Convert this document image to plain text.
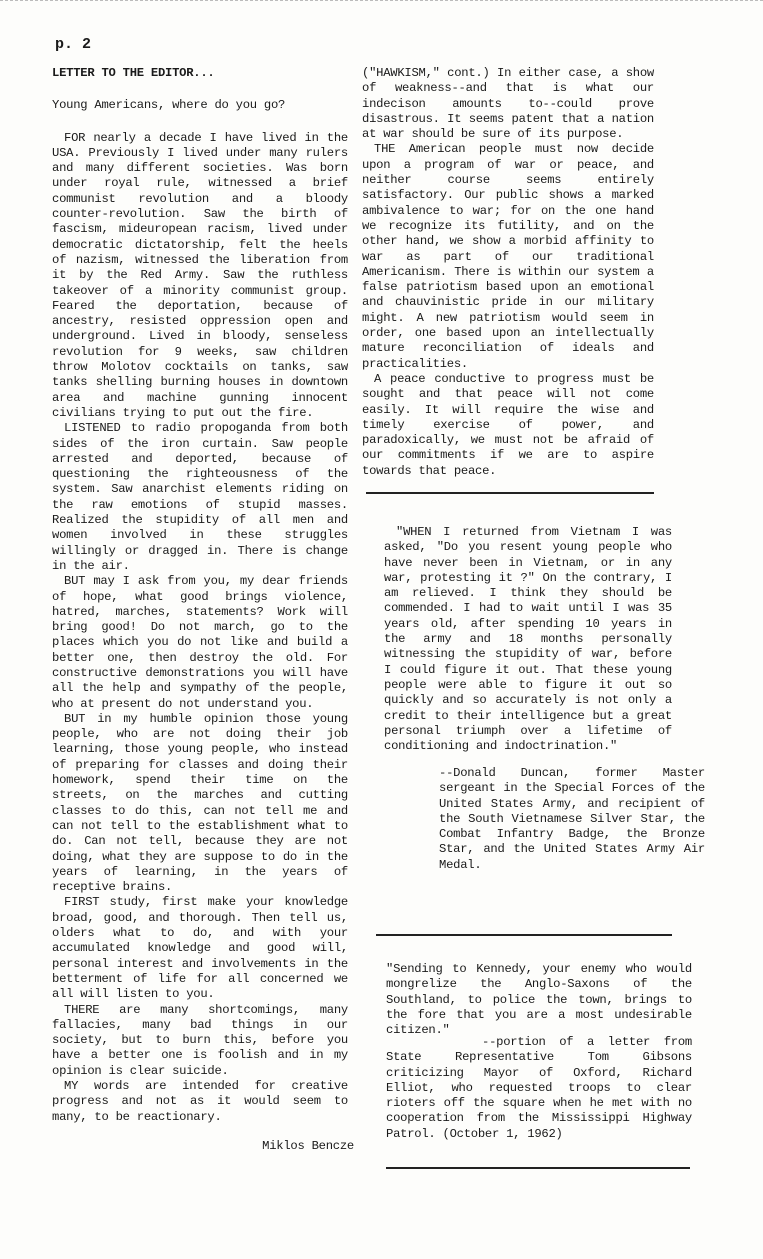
p. 2
LETTER TO THE EDITOR...
Young Americans, where do you go?

FOR nearly a decade I have lived in the USA. Previously I lived under many rulers and many different societies. Was born under royal rule, witnessed a brief communist revolution and a bloody counter-revolution. Saw the birth of fascism, mideuropean racism, lived under democratic dictatorship, felt the heels of nazism, witnessed the liberation from it by the Red Army. Saw the ruthless takeover of a minority communist group. Feared the deportation, because of ancestry, resisted oppression open and underground. Lived in bloody, senseless revolution for 9 weeks, saw children throw Molotov cocktails on tanks, saw tanks shelling burning houses in downtown area and machine gunning innocent civilians trying to put out the fire.

LISTENED to radio propoganda from both sides of the iron curtain. Saw people arrested and deported, because of questioning the righteousness of the system. Saw anarchist elements riding on the raw emotions of stupid masses. Realized the stupidity of all men and women involved in these struggles willingly or dragged in. There is change in the air.

BUT may I ask from you, my dear friends of hope, what good brings violence, hatred, marches, statements? Work will bring good! Do not march, go to the places which you do not like and build a better one, then destroy the old. For constructive demonstrations you will have all the help and sympathy of the people, who at present do not understand you.

BUT in my humble opinion those young people, who are not doing their job learning, those young people, who instead of preparing for classes and doing their homework, spend their time on the streets, on the marches and cutting classes to do this, can not tell me and can not tell to the establishment what to do. Can not tell, because they are not doing, what they are suppose to do in the years of learning, in the years of receptive brains.

FIRST study, first make your knowledge broad, good, and thorough. Then tell us, olders what to do, and with your accumulated knowledge and good will, personal interest and involvements in the betterment of life for all concerned we all will listen to you.

THERE are many shortcomings, many fallacies, many bad things in our society, but to burn this, before you have a better one is foolish and in my opinion is clear suicide.

MY words are intended for creative progress and not as it would seem to many, to be reactionary.

Miklos Bencze

("HAWKISM," cont.) In either case, a show of weakness--and that is what our indecison amounts to--could prove disastrous. It seems patent that a nation at war should be sure of its purpose.

THE American people must now decide upon a program of war or peace, and neither course seems entirely satisfactory. Our public shows a marked ambivalence to war; for on the one hand we recognize its futility, and on the other hand, we show a morbid affinity to war as part of our traditional Americanism. There is within our system a false patriotism based upon an emotional and chauvinistic pride in our military might. A new patriotism would seem in order, one based upon an intellectually mature reconciliation of ideals and practicalities.

A peace conductive to progress must be sought and that peace will not come easily. It will require the wise and timely exercise of power, and paradoxically, we must not be afraid of our commitments if we are to aspire towards that peace.

"WHEN I returned from Vietnam I was asked, "Do you resent young people who have never been in Vietnam, or in any war, protesting it ?" On the contrary, I am relieved. I think they should be commended. I had to wait until I was 35 years old, after spending 10 years in the army and 18 months personally witnessing the stupidity of war, before I could figure it out. That these young people were able to figure it out so quickly and so accurately is not only a credit to their intelligence but a great personal triumph over a lifetime of conditioning and indoctrination."

--Donald Duncan, former Master sergeant in the Special Forces of the United States Army, and recipient of the South Vietnamese Silver Star, the Combat Infantry Badge, the Bronze Star, and the United States Army Air Medal.

"Sending to Kennedy, your enemy who would mongrelize the Anglo-Saxons of the Southland, to police the town, brings to the fore that you are a most undesirable citizen."

--portion of a letter from State Representative Tom Gibsons criticizing Mayor of Oxford, Richard Elliot, who requested troops to clear rioters off the square when he met with no cooperation from the Mississippi Highway Patrol. (October 1, 1962)
